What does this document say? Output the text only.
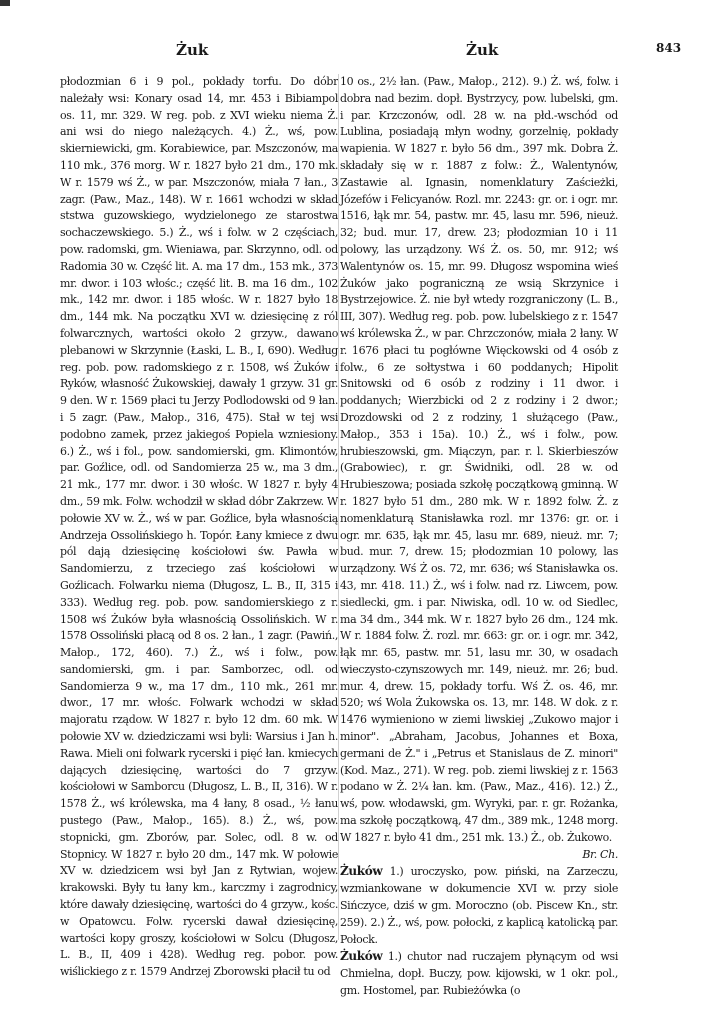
Żuk	Żuk	843

płodozmian 6 i 9 pol., pokłady torfu. Do dóbr należały wsi: Konary osad 14, mr. 453 i Bibiampol os. 11, mr. 329. W reg. pob. z XVI wieku niema Ż. ani wsi do niego należących. 4.) Ż., wś, pow. skierniewicki, gm. Korabiewice, par. Mszczonów, ma 110 mk., 376 morg. W r. 1827 było 21 dm., 170 mk. W r. 1579 wś Ż., w par. Mszczonów, miała 7 łan., 3 zagr. (Paw., Maz., 148). W r. 1661 wchodzi w skład ststwa guzowskiego, wydzielonego ze starostwa sochaczewskiego. 5.) Ż., wś i folw. w 2 częściach, pow. radomski, gm. Wieniawa, par. Skrzynno, odl. od Radomia 30 w. Część lit. A. ma 17 dm., 153 mk., 373 mr. dwor. i 103 włośc.; część lit. B. ma 16 dm., 102 mk., 142 mr. dwor. i 185 włośc. W r. 1827 było 18 dm., 144 mk. Na początku XVI w. dziesięcinę z ról folwarcznych, wartości około 2 grzyw., dawano plebanowi w Skrzynnie (Łaski, L. B., I, 690). Według reg. pob. pow. radomskiego z r. 1508, wś Żuków i Ryków, własność Żukowskiej, dawały 1 grzyw. 31 gr. 9 den. W r. 1569 płaci tu Jerzy Podlodowski od 9 łan. i 5 zagr. (Paw., Małop., 316, 475). Stał w tej wsi podobno zamek, przez jakiegoś Popiela wzniesiony. 6.) Ż., wś i fol., pow. sandomierski, gm. Klimontów, par. Goźlice, odl. od Sandomierza 25 w., ma 3 dm., 21 mk., 177 mr. dwor. i 30 włośc. W 1827 r. były 4 dm., 59 mk. Folw. wchodził w skład dóbr Zakrzew. W połowie XV w. Ż., wś w par. Goźlice, była własnością Andrzeja Ossolińskiego h. Topór. Łany kmiece z dwu pól dają dziesięcinę kościołowi św. Pawła w Sandomierzu, z trzeciego zaś kościołowi w Goźlicach. Folwarku niema (Długosz, L. B., II, 315 i 333). Według reg. pob. pow. sandomierskiego z r. 1508 wś Żuków była własnością Ossolińskich. W r. 1578 Ossoliński płacą od 8 os. 2 łan., 1 zagr. (Pawiń., Małop., 172, 460). 7.) Ż., wś i folw., pow. sandomierski, gm. i par. Samborzec, odl. od Sandomierza 9 w., ma 17 dm., 110 mk., 261 mr. dwor., 17 mr. włośc. Folwark wchodzi w skład majoratu rządow. W 1827 r. było 12 dm. 60 mk. W połowie XV w. dziedziczami wsi byli: Warsius i Jan h. Rawa. Mieli oni folwark rycerski i pięć łan. kmiecych dających dziesięcinę, wartości do 7 grzyw. kościołowi w Samborcu (Długosz, L. B., II, 316). W r. 1578 Ż., wś królewska, ma 4 łany, 8 osad., ½ łanu pustego (Paw., Małop., 165). 8.) Ż., wś, pow. stopnicki, gm. Zborów, par. Solec, odl. 8 w. od Stopnicy. W 1827 r. było 20 dm., 147 mk. W połowie XV w. dziedzicem wsi był Jan z Rytwian, wojew. krakowski. Były tu łany km., karczmy i zagrodnicy, które dawały dziesięcinę, wartości do 4 grzyw., kośc. w Opatowcu. Folw. rycerski dawał dziesięcinę, wartości kopy groszy, kościołowi w Solcu (Długosz, L. B., II, 409 i 428). Według reg. pobor. pow. wiślickiego z r. 1579 Andrzej Zborowski płacił tu od

10 os., 2½ łan. (Paw., Małop., 212). 9.) Ż. wś, folw. i dobra nad bezim. dopł. Bystrzycy, pow. lubelski, gm. i par. Krzczonów, odl. 28 w. na płd.-wschód od Lublina, posiadają młyn wodny, gorzelnię, pokłady wapienia. W 1827 r. było 56 dm., 397 mk. Dobra Ż. składały się w r. 1887 z folw.: Ż., Walentynów, Zastawie al. Ignasin, nomenklatury Zaścieżki, Józefów i Felicyanów. Rozl. mr. 2243: gr. or. i ogr. mr. 1516, łąk mr. 54, pastw. mr. 45, lasu mr. 596, nieuż. 32; bud. mur. 17, drew. 23; płodozmian 10 i 11 polowy, las urządzony. Wś Ż. os. 50, mr. 912; wś Walentynów os. 15, mr. 99. Długosz wspomina wieś Żuków jako pograniczną ze wsią Skrzynice i Bystrzejowice. Ż. nie był wtedy rozgraniczony (L. B., III, 307). Według reg. pob. pow. lubelskiego z r. 1547 wś królewska Ż., w par. Chrzczonów, miała 2 łany. W r. 1676 płaci tu pogłówne Więckowski od 4 osób z folw., 6 ze sołtystwa i 60 poddanych; Hipolit Snitowski od 6 osób z rodziny i 11 dwor. i poddanych; Wierzbicki od 2 z rodziny i 2 dwor.; Drozdowski od 2 z rodziny, 1 służącego (Paw., Małop., 353 i 15a). 10.) Ż., wś i folw., pow. hrubieszowski, gm. Miączyn, par. r. l. Skierbieszów (Grabowiec), r. gr. Świdniki, odl. 28 w. od Hrubieszowa; posiada szkołę początkową gminną. W r. 1827 było 51 dm., 280 mk. W r. 1892 folw. Ż. z nomenklaturą Stanisławka rozl. mr 1376: gr. or. i ogr. mr. 635, łąk mr. 45, lasu mr. 689, nieuż. mr. 7; bud. mur. 7, drew. 15; płodozmian 10 polowy, las urządzony. Wś Ż os. 72, mr. 636; wś Stanisławka os. 43, mr. 418. 11.) Ż., wś i folw. nad rz. Liwcem, pow. siedlecki, gm. i par. Niwiska, odl. 10 w. od Siedlec, ma 34 dm., 344 mk. W r. 1827 było 26 dm., 124 mk. W r. 1884 folw. Ż. rozl. mr. 663: gr. or. i ogr. mr. 342, łąk mr. 65, pastw. mr. 51, lasu mr. 30, w osadach wieczysto-czynszowych mr. 149, nieuż. mr. 26; bud. mur. 4, drew. 15, pokłady torfu. Wś Ż. os. 46, mr. 520; wś Wola Żukowska os. 13, mr. 148. W dok. z r. 1476 wymieniono w ziemi liwskiej „Zukowo major i minor". „Abraham, Jacobus, Johannes et Boxa, germani de Ż." i „Petrus et Stanislaus de Z. minori" (Kod. Maz., 271). W reg. pob. ziemi liwskiej z r. 1563 podano w Ż. 2¼ łan. km. (Paw., Maz., 416). 12.) Ż., wś, pow. włodawski, gm. Wyryki, par. r. gr. Rożanka, ma szkołę początkową, 47 dm., 389 mk., 1248 morg. W 1827 r. było 41 dm., 251 mk. 13.) Ż., ob. Żukowo.

Br. Ch.

Żuków 1.) uroczysko, pow. piński, na Zarzeczu, wzmiankowane w dokumencie XVI w. przy siole Sińczyce, dziś w gm. Moroczno (ob. Piscew Kn., str. 259). 2.) Ż., wś, pow. połocki, z kaplicą katolicką par. Połock.

Żuków 1.) chutor nad ruczajem płynącym od wsi Chmielna, dopł. Buczy, pow. kijowski, w 1 okr. pol., gm. Hostomel, par. Rubieżówka (o
